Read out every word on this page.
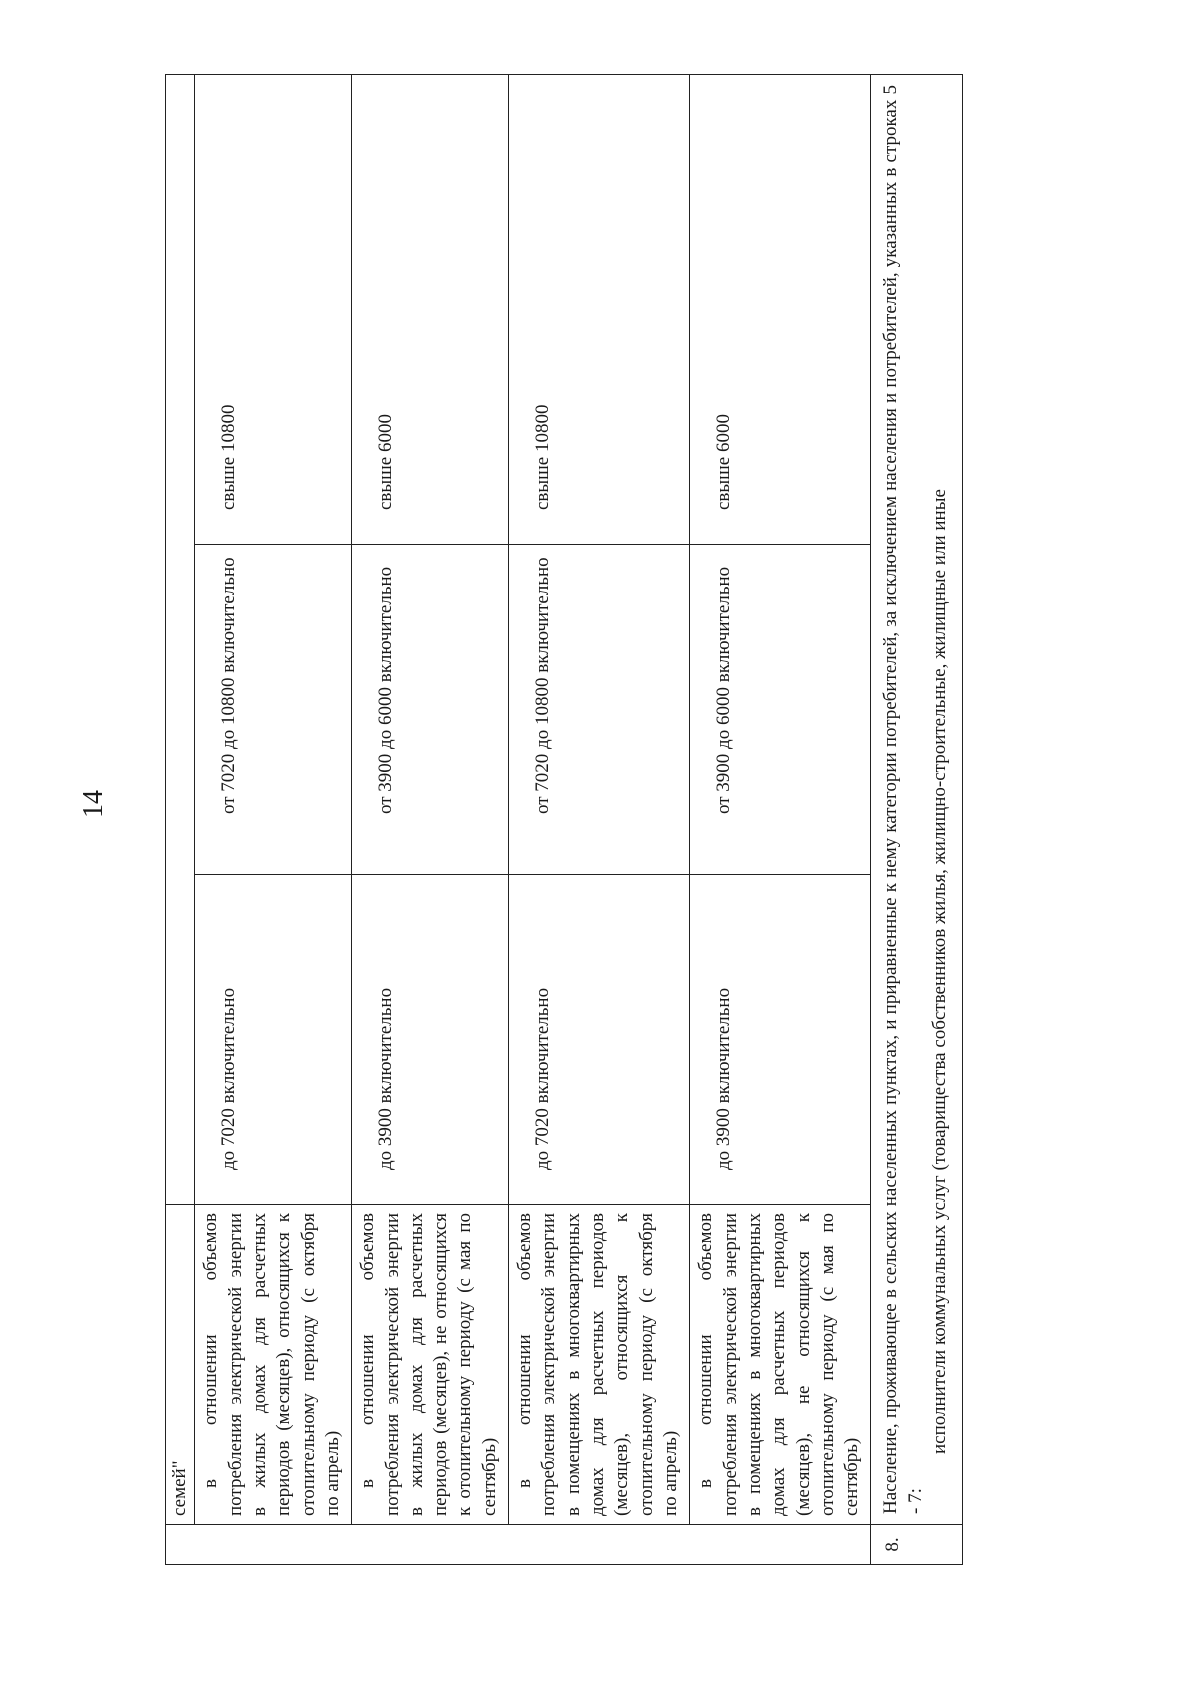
14
	семей"			
	в отношении объемов потребления электрической энергии в жилых домах для расчетных периодов (месяцев), относящихся к отопительному периоду (с октября по апрель)	до 7020 включительно	от 7020 до 10800 включительно	свыше 10800
	в отношении объемов потребления электрической энергии в жилых домах для расчетных периодов (месяцев), не относящихся к отопительному периоду (с мая по сентябрь)	до 3900 включительно	от 3900 до 6000 включительно	свыше 6000
	в отношении объемов потребления электрической энергии в помещениях в многоквартирных домах для расчетных периодов (месяцев), относящихся к отопительному периоду (с октября по апрель)	до 7020 включительно	от 7020 до 10800 включительно	свыше 10800
	в отношении объемов потребления электрической энергии в помещениях в многоквартирных домах для расчетных периодов (месяцев), не относящихся к отопительному периоду (с мая по сентябрь)	до 3900 включительно	от 3900 до 6000 включительно	свыше 6000
8.	Население, проживающее в сельских населенных пунктах, и приравненные к нему категории потребителей, за исключением населения и потребителей, указанных в строках 5 - 7:

исполнители коммунальных услуг (товарищества собственников жилья, жилищно-строительные, жилищные или иные			
